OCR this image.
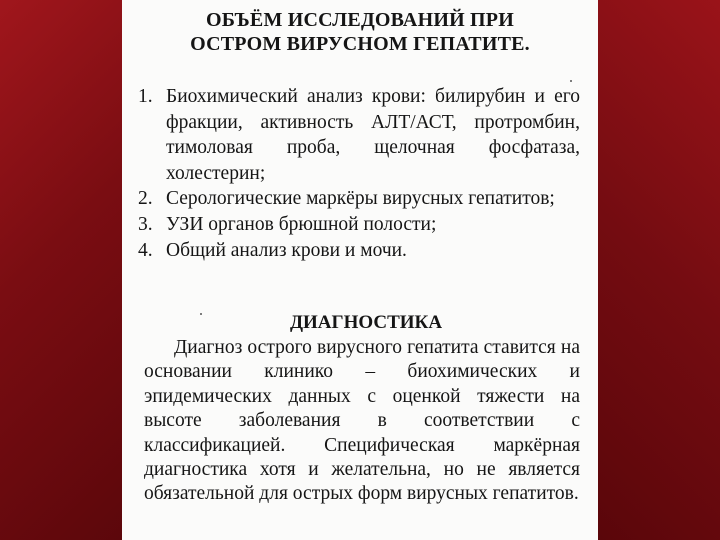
ОБЪЁМ ИССЛЕДОВАНИЙ ПРИ
ОСТРОМ ВИРУСНОМ ГЕПАТИТЕ.
1. Биохимический анализ крови: билирубин и его фракции, активность АЛТ/АСТ, протромбин, тимоловая проба, щелочная фосфатаза, холестерин;
2. Серологические маркёры вирусных гепатитов;
3. УЗИ органов брюшной полости;
4. Общий анализ крови и мочи.
ДИАГНОСТИКА
Диагноз острого вирусного гепатита ставится на основании клинико – биохимических и эпидемических данных с оценкой тяжести на высоте заболевания в соответствии с классификацией. Специфическая маркёрная диагностика хотя и желательна, но не является обязательной для острых форм вирусных гепатитов.
